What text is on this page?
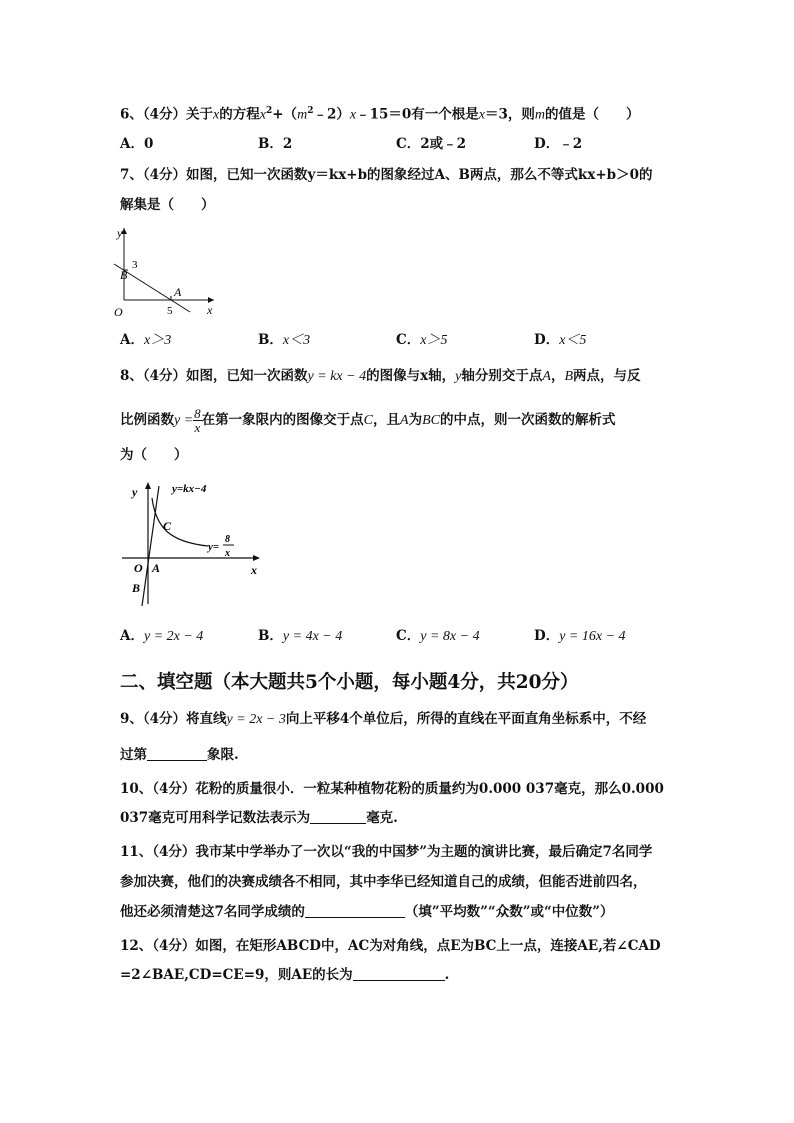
6、（4分）关于x的方程$x^2+(m^2﹣2)x﹣15=0$有一个根是x＝3，则m的值是（　　）
A．0	B．2	C．2或﹣2	D．﹣2
7、（4分）如图，已知一次函数y＝kx+b的图象经过A、B两点，那么不等式kx+b＞0的
解集是（　　）
y
x
O
B
A
3
5
A．x＞3	B．x＜3	C．x＞5	D．x＜5
8、（4分）如图，已知一次函数y = kx − 4的图像与x轴，y轴分别交于点A，B两点，与反
比例函数$y = \frac{8}{x}$ 在第一象限内的图像交于点C，且A为BC的中点，则一次函数的解析式
为（　　）
y
x
O A
B
C
y=kx−4
y=
8
x
A．y = 2x − 4	B．y = 4x − 4	C．y = 8x − 4	D．y = 16x − 4
二、填空题（本大题共5个小题，每小题4分，共20分）
9、（4分）将直线y = 2x − 3向上平移4个单位后，所得的直线在平面直角坐标系中，不经
过第	象限.
10、（4分）花粉的质量很小．一粒某种植物花粉的质量约为0.000 037毫克，那么0.000
037毫克可用科学记数法表示为	毫克.
11、（4分）我市某中学举办了一次以“我的中国梦”为主题的演讲比赛，最后确定7名同学
参加决赛，他们的决赛成绩各不相同，其中李华已经知道自己的成绩，但能否进前四名，
他还必须清楚这7名同学成绩的	（填”平均数”“众数”或“中位数”）
12、（4分）如图，在矩形ABCD中，AC为对角线，点E为BC上一点，连接AE,若∠CAD
=2∠BAE,CD=CE=9，则AE的长为	.
